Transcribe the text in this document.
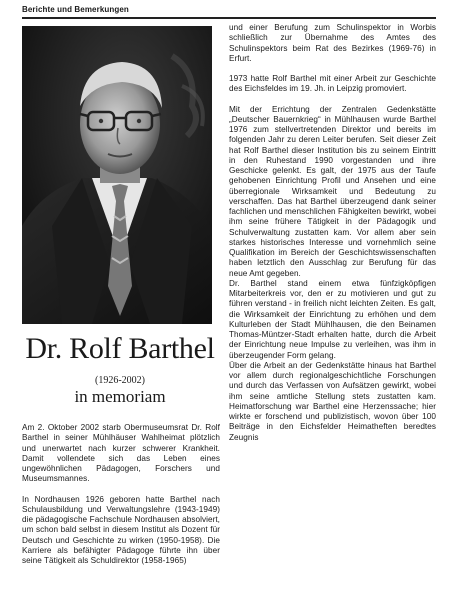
Berichte und Bemerkungen
Dr. Rolf Barthel
(1926-2002)
in memoriam

Am 2. Oktober 2002 starb Obermuseumsrat Dr. Rolf Barthel in seiner Mühlhäuser Wahlheimat plötzlich und unerwartet nach kurzer schwerer Krankheit. Damit vollendete sich das Leben eines ungewöhnlichen Pädagogen, Forschers und Museumsmannes.

In Nordhausen 1926 geboren hatte Barthel nach Schulausbildung und Verwaltungslehre (1943-1949) die pädagogische Fachschule Nordhausen absolviert, um schon bald selbst in diesem Institut als Dozent für Deutsch und Geschichte zu wirken (1950-1958). Die Karriere als befähigter Pädagoge führte ihn über seine Tätigkeit als Schuldirektor (1958-1965)

und einer Berufung zum Schulinspektor in Worbis schließlich zur Übernahme des Amtes des Schulinspektors beim Rat des Bezirkes (1969-76) in Erfurt.

1973 hatte Rolf Barthel mit einer Arbeit zur Geschichte des Eichsfeldes im 19. Jh. in Leipzig promoviert.

Mit der Errichtung der Zentralen Gedenkstätte „Deutscher Bauernkrieg“ in Mühlhausen wurde Barthel 1976 zum stellvertretenden Direktor und bereits im folgenden Jahr zu deren Leiter berufen. Seit dieser Zeit hat Rolf Barthel dieser Institution bis zu seinem Eintritt in den Ruhestand 1990 vorgestanden und ihre Geschicke gelenkt. Es galt, der 1975 aus der Taufe gehobenen Einrichtung Profil und Ansehen und eine überregionale Wirksamkeit und Bedeutung zu verschaffen. Das hat Barthel überzeugend dank seiner fachlichen und menschlichen Fähigkeiten bewirkt, wobei ihm seine frühere Tätigkeit in der Pädagogik und Schulverwaltung zustatten kam. Vor allem aber sein starkes historisches Interesse und vornehmlich seine Qualifikation im Bereich der Geschichtswissenschaften haben letztlich den Ausschlag zur Berufung für das neue Amt gegeben.

Dr. Barthel stand einem etwa fünfzigköpfigen Mitarbeiterkreis vor, den er zu motivieren und gut zu führen verstand - in freilich nicht leichten Zeiten. Es galt, die Wirksamkeit der Einrichtung zu erhöhen und dem Kulturleben der Stadt Mühlhausen, die den Beinamen Thomas-Müntzer-Stadt erhalten hatte, durch die Arbeit der Einrichtung neue Impulse zu verleihen, was ihm in überzeugender Form gelang.

Über die Arbeit an der Gedenkstätte hinaus hat Barthel vor allem durch regionalgeschichtliche Forschungen und durch das Verfassen von Aufsätzen gewirkt, wobei ihm seine amtliche Stellung stets zustatten kam. Heimatforschung war Barthel eine Herzenssache; hier wirkte er forschend und publizistisch, wovon über 100 Beiträge in den Eichsfelder Heimatheften beredtes Zeugnis
